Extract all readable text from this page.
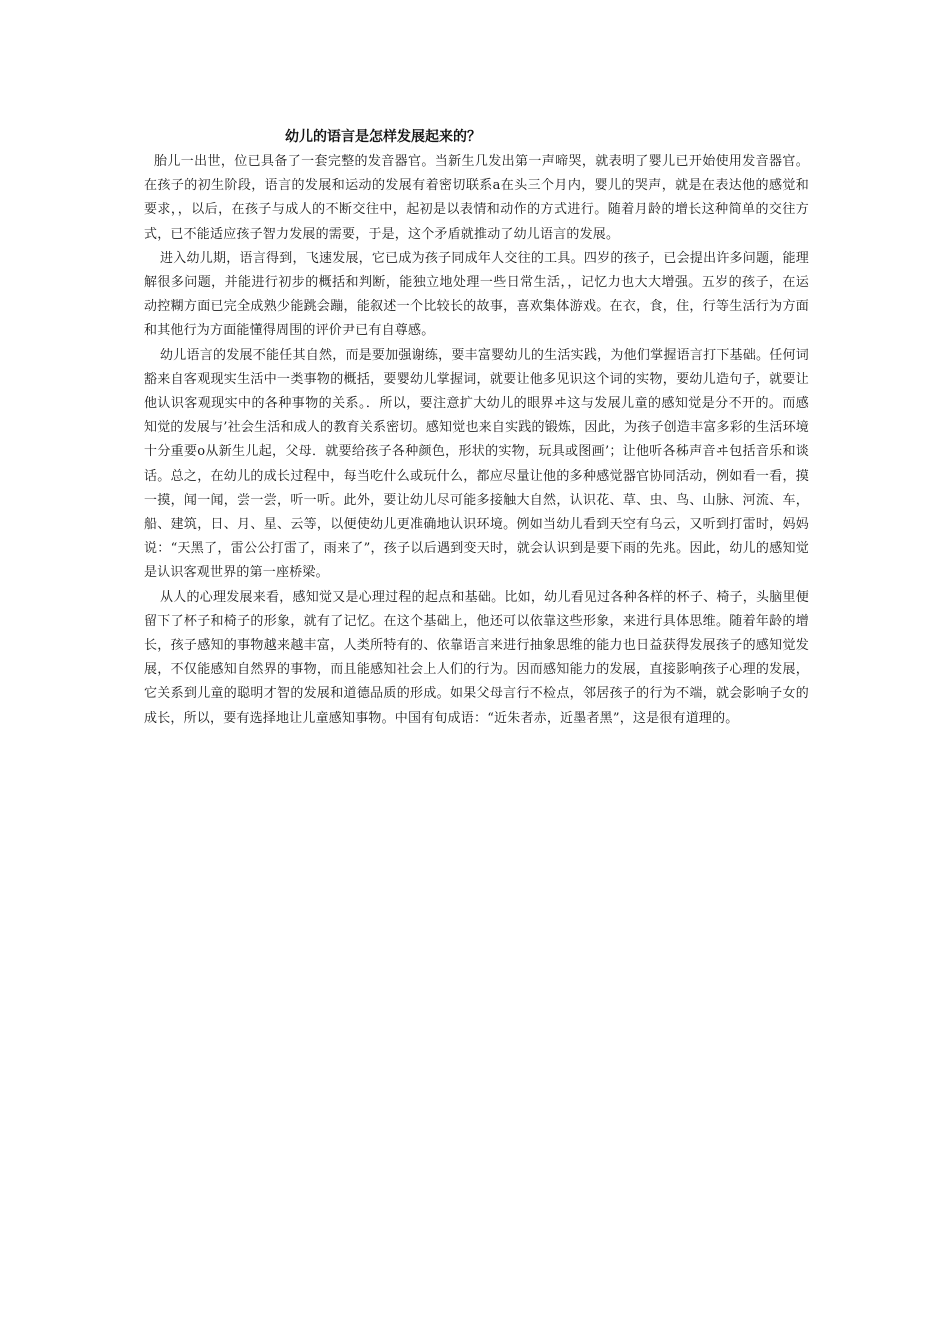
幼儿的语言是怎样发展起来的？

胎儿一出世，位已具备了一套完整的发音器官。当新生几发出第一声啼哭，就表明了婴儿已开始使用发音器官。在孩子的初生阶段，语言的发展和运动的发展有着密切联系a在头三个月内，婴儿的哭声，就是在表达他的感觉和要求，，以后，在孩子与成人的不断交往中，起初是以表情和动作的方式进行。随着月龄的增长这种简单的交往方式，已不能适应孩子智力发展的需要，于是，这个矛盾就推动了幼儿语言的发展。

进入幼儿期，语言得到，飞速发展，它已成为孩子同成年人交往的工具。四岁的孩子，已会提出许多问题，能理解很多问题，并能进行初步的概括和判断，能独立地处理一些日常生活，，记忆力也大大增强。五岁的孩子，在运动控糊方面已完全成熟少能跳会蹦，能叙述一个比较长的故事，喜欢集体游戏。在衣，食，住，行等生活行为方面和其他行为方面能懂得周围的评价尹已有自尊感。

幼儿语言的发展不能任其自然，而是要加强谢练，要丰富婴幼儿的生活实践，为他们掌握语言打下基础。任何词豁来自客观现实生活中一类事物的概括，要婴幼儿掌握词，就要让他多见识这个词的实物，要幼儿造句子，就要让他认识客观现实中的各种事物的关系。．所以，要注意扩大幼儿的眼界ヰ这与发展儿童的感知觉是分不开的。而感知觉的发展与’社会生活和成人的教育关系密切。感知觉也来自实践的锻炼，因此，为孩子创造丰富多彩的生活环境十分重要o从新生儿起，父母．就要给孩子各种颜色，形状的实物，玩具或图画’；让他听各秭声音ヰ包括音乐和谈话。总之，在幼儿的成长过程中，每当吃什么或玩什么，都应尽量让他的多种感觉器官协同活动，例如看一看，摸一摸，闻一闻，尝一尝，听一听。此外，要让幼儿尽可能多接触大自然，认识花、草、虫、鸟、山脉、河流、车，船、建筑，日、月、星、云等，以便使幼儿更准确地认识环境。例如当幼儿看到天空有乌云，又听到打雷时，妈妈说：“天黑了，雷公公打雷了，雨来了”，孩子以后遇到变天时，就会认识到是要下雨的先兆。因此，幼儿的感知觉是认识客观世界的第一座桥梁。

从人的心理发展来看，感知觉又是心理过程的起点和基础。比如，幼儿看见过各种各样的杯子、椅子，头脑里便留下了杯子和椅子的形象，就有了记忆。在这个基础上，他还可以依靠这些形象，来进行具体思维。随着年龄的增长，孩子感知的事物越来越丰富，人类所特有的、依靠语言来进行抽象思维的能力也日益获得发展孩子的感知觉发展，不仅能感知自然界的事物，而且能感知社会上人们的行为。因而感知能力的发展，直接影响孩子心理的发展，它关系到儿童的聪明才智的发展和道德品质的形成。如果父母言行不检点，邻居孩子的行为不端，就会影响子女的成长，所以，要有选择地让儿童感知事物。中国有旬成语：“近朱者赤，近墨者黑”，这是很有道理的。
